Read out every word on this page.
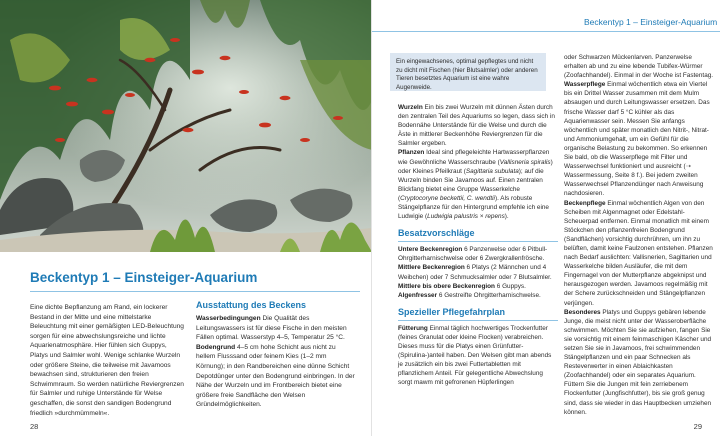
Beckentyp 1 – Einsteiger-Aquarium

Eine dichte Bepflanzung am Rand, ein lockerer Bestand in der Mitte und eine mittelstarke Beleuchtung mit einer gemäßigten LED-Beleuchtung sorgen für eine abwechslungsreiche und lichte Aquarienatmosphäre. Hier fühlen sich Guppys, Platys und Salmler wohl. Wenige schlanke Wurzeln oder größere Steine, die teilweise mit Javamoos bewachsen sind, strukturieren den freien Schwimmraum. So werden natürliche Reviergrenzen für Salmler und ruhige Unterstände für Welse geschaffen, die sonst den sandigen Bodengrund friedlich »durchmümmeln«.

Ausstattung des Beckens

Wasserbedingungen Die Qualität des Leitungswassers ist für diese Fische in den meisten Fällen optimal. Wasserstyp 4–5, Temperatur 25 °C.

Bodengrund 4–5 cm hohe Schicht aus nicht zu hellem Flusssand oder feinem Kies (1–2 mm Körnung); in den Randbereichen eine dünne Schicht Depotdünger unter den Bodengrund einbringen. In der Nähe der Wurzeln und im Frontbereich bietet eine größere freie Sandfläche den Welsen Gründelmöglichkeiten.

28
Beckentyp 1 – Einsteiger-Aquarium

Ein eingewachsenes, optimal gepflegtes und nicht zu dicht mit Fischen (hier Blutsalmler) oder anderen Tieren besetztes Aquarium ist eine wahre Augenweide.

Wurzeln Ein bis zwei Wurzeln mit dünnen Ästen durch den zentralen Teil des Aquariums so legen, dass sich in Bodennähe Unterstände für die Welse und durch die Äste in mittlerer Beckenhöhe Reviergrenzen für die Salmler ergeben.

Pflanzen Ideal sind pflegeleichte Hartwasserpflanzen wie Gewöhnliche Wasserschraube (Vallisneria spiralis) oder Kleines Pfeilkraut (Sagittaria subulata); auf die Wurzeln binden Sie Javamoos auf. Einen zentralen Blickfang bietet eine Gruppe Wasserkelche (Cryptocoryne beckettii, C. wendtii). Als robuste Stängelpflanze für den Hintergrund empfehle ich eine Ludwigie (Ludwigia palustris × repens).

Besatzvorschläge

Untere Beckenregion 6 Panzerwelse oder 6 Pitbull-Ohrgitterharnischwelse oder 6 Zwergkrallenfrösche.

Mittlere Beckenregion 6 Platys (2 Männchen und 4 Weibchen) oder 7 Schmucksalmler oder 7 Blutsalmler.

Mittlere bis obere Beckenregion 6 Guppys.

Algenfresser 6 Gestreifte Ohrgitterharnischwelse.

Spezieller Pflegefahrplan

Fütterung Einmal täglich hochwertiges Trockenfutter (feines Granulat oder kleine Flocken) verabreichen. Dieses muss für die Platys einen Grünfutter-(Spirulina-)anteil haben. Den Welsen gibt man abends je zusätzlich ein bis zwei Futtertabletten mit pflanzlichem Anteil. Für gelegentliche Abwechslung sorgt mawm mit gefrorenen Hüpferlingen

oder Schwarzen Mückenlarven. Panzerwelse erhalten ab und zu eine lebende Tubifex-Würmer (Zoofachhandel). Einmal in der Woche ist Fastentag.

Wasserpflege Einmal wöchentlich etwa ein Viertel bis ein Drittel Wasser zusammen mit dem Mulm absaugen und durch Leitungswasser ersetzen. Das frische Wasser darf 5 °C kühler als das Aquarienwasser sein. Messen Sie anfangs wöchentlich und später monatlich den Nitrit-, Nitrat- und Ammoniumgehalt, um ein Gefühl für die organische Belastung zu bekommen. So erkennen Sie bald, ob die Wasserpflege mit Filter und Wasserwechsel funktioniert und ausreicht (➝ Wassermessung, Seite 8 f.). Bei jedem zweiten Wasserwechsel Pflanzendünger nach Anweisung nachdosieren.

Beckenpflege Einmal wöchentlich Algen von den Scheiben mit Algenmagnet oder Edelstahl-Scheuerpad entfernen. Einmal monatlich mit einem Stöckchen den pflanzenfreien Bodengrund (Sandflächen) vorsichtig durchrühren, um ihn zu belüften, damit keine Faulzonen entstehen. Pflanzen nach Bedarf auslichten: Vallisnerien, Sagittarien und Wasserkelche bilden Ausläufer, die mit dem Fingernagel von der Mutterpflanze abgeknipst und herausgezogen werden. Javamoos regelmäßig mit der Schere zurückschneiden und Stängelpflanzen verjüngen.

Besonderes Platys und Guppys gebären lebende Junge, die meist nicht unter der Wasseroberfläche schwimmen. Möchten Sie sie aufziehen, fangen Sie sie vorsichtig mit einem feinmaschigen Käscher und setzen Sie sie in Javamoos, frei schwimmenden Stängelpflanzen und ein paar Schnecken als Resteverwerter in einen Ablaichkasten (Zoofachhandel) oder ein separates Aquarium. Füttern Sie die Jungen mit fein zerriebenem Flockenfutter (Jungfischfutter), bis sie groß genug sind, dass sie wieder in das Hauptbecken umziehen können.

29
